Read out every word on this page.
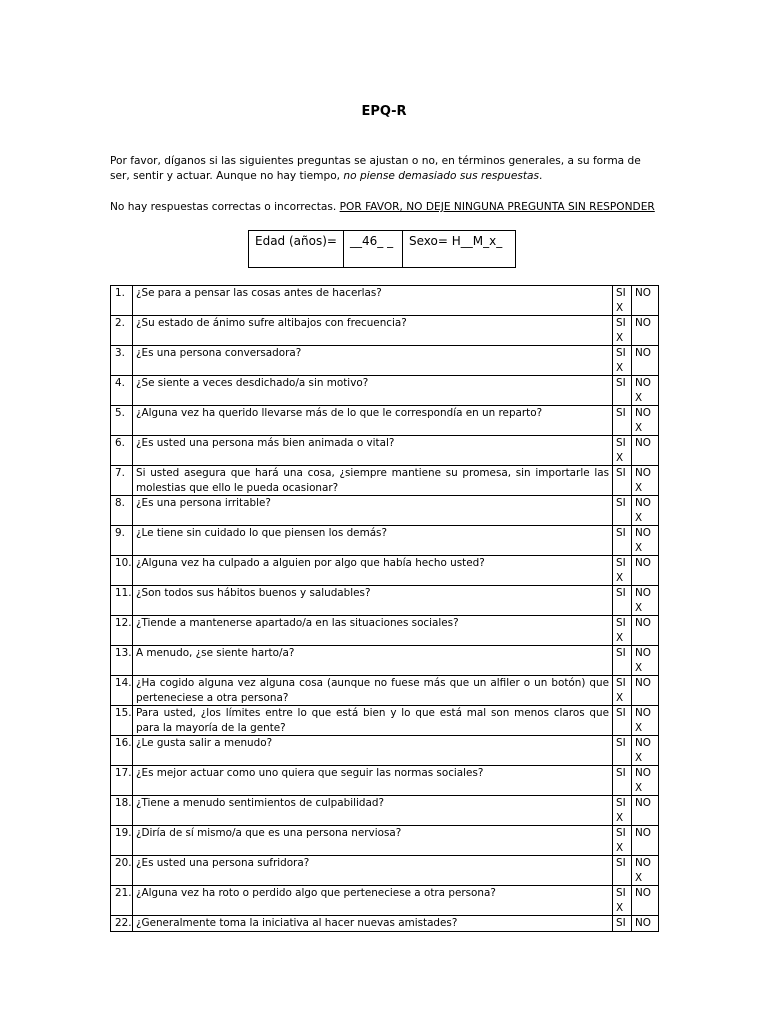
EPQ-R
Por favor, díganos si las siguientes preguntas se ajustan o no, en términos generales, a su forma de ser, sentir y actuar. Aunque no hay tiempo, no piense demasiado sus respuestas.
No hay respuestas correctas o incorrectas. POR FAVOR, NO DEJE NINGUNA PREGUNTA SIN RESPONDER
Edad (años)=	__46_ _	Sexo= H__M_x_
1.	¿Se para a pensar las cosas antes de hacerlas?	SI X	NO
2.	¿Su estado de ánimo sufre altibajos con frecuencia?	SI X	NO
3.	¿Es una persona conversadora?	SI X	NO
4.	¿Se siente a veces desdichado/a sin motivo?	SI	NO X
5.	¿Alguna vez ha querido llevarse más de lo que le correspondía en un reparto?	SI	NO X
6.	¿Es usted una persona más bien animada o vital?	SI X	NO
7.	Si usted asegura que hará una cosa, ¿siempre mantiene su promesa, sin importarle las molestias que ello le pueda ocasionar?	SI	NO X
8.	¿Es una persona irritable?	SI	NO X
9.	¿Le tiene sin cuidado lo que piensen los demás?	SI	NO X
10.	¿Alguna vez ha culpado a alguien por algo que había hecho usted?	SI X	NO
11.	¿Son todos sus hábitos buenos y saludables?	SI	NO X
12.	¿Tiende a mantenerse apartado/a en las situaciones sociales?	SI X	NO
13.	A menudo, ¿se siente harto/a?	SI	NO X
14.	¿Ha cogido alguna vez alguna cosa (aunque no fuese más que un alfiler o un botón) que perteneciese a otra persona?	SI X	NO
15.	Para usted, ¿los límites entre lo que está bien y lo que está mal son menos claros que para la mayoría de la gente?	SI	NO X
16.	¿Le gusta salir a menudo?	SI	NO X
17.	¿Es mejor actuar como uno quiera que seguir las normas sociales?	SI	NO X
18.	¿Tiene a menudo sentimientos de culpabilidad?	SI X	NO
19.	¿Diría de sí mismo/a que es una persona nerviosa?	SI X	NO
20.	¿Es usted una persona sufridora?	SI	NO X
21.	¿Alguna vez ha roto o perdido algo que perteneciese a otra persona?	SI X	NO
22.	¿Generalmente toma la iniciativa al hacer nuevas amistades?	SI	NO
